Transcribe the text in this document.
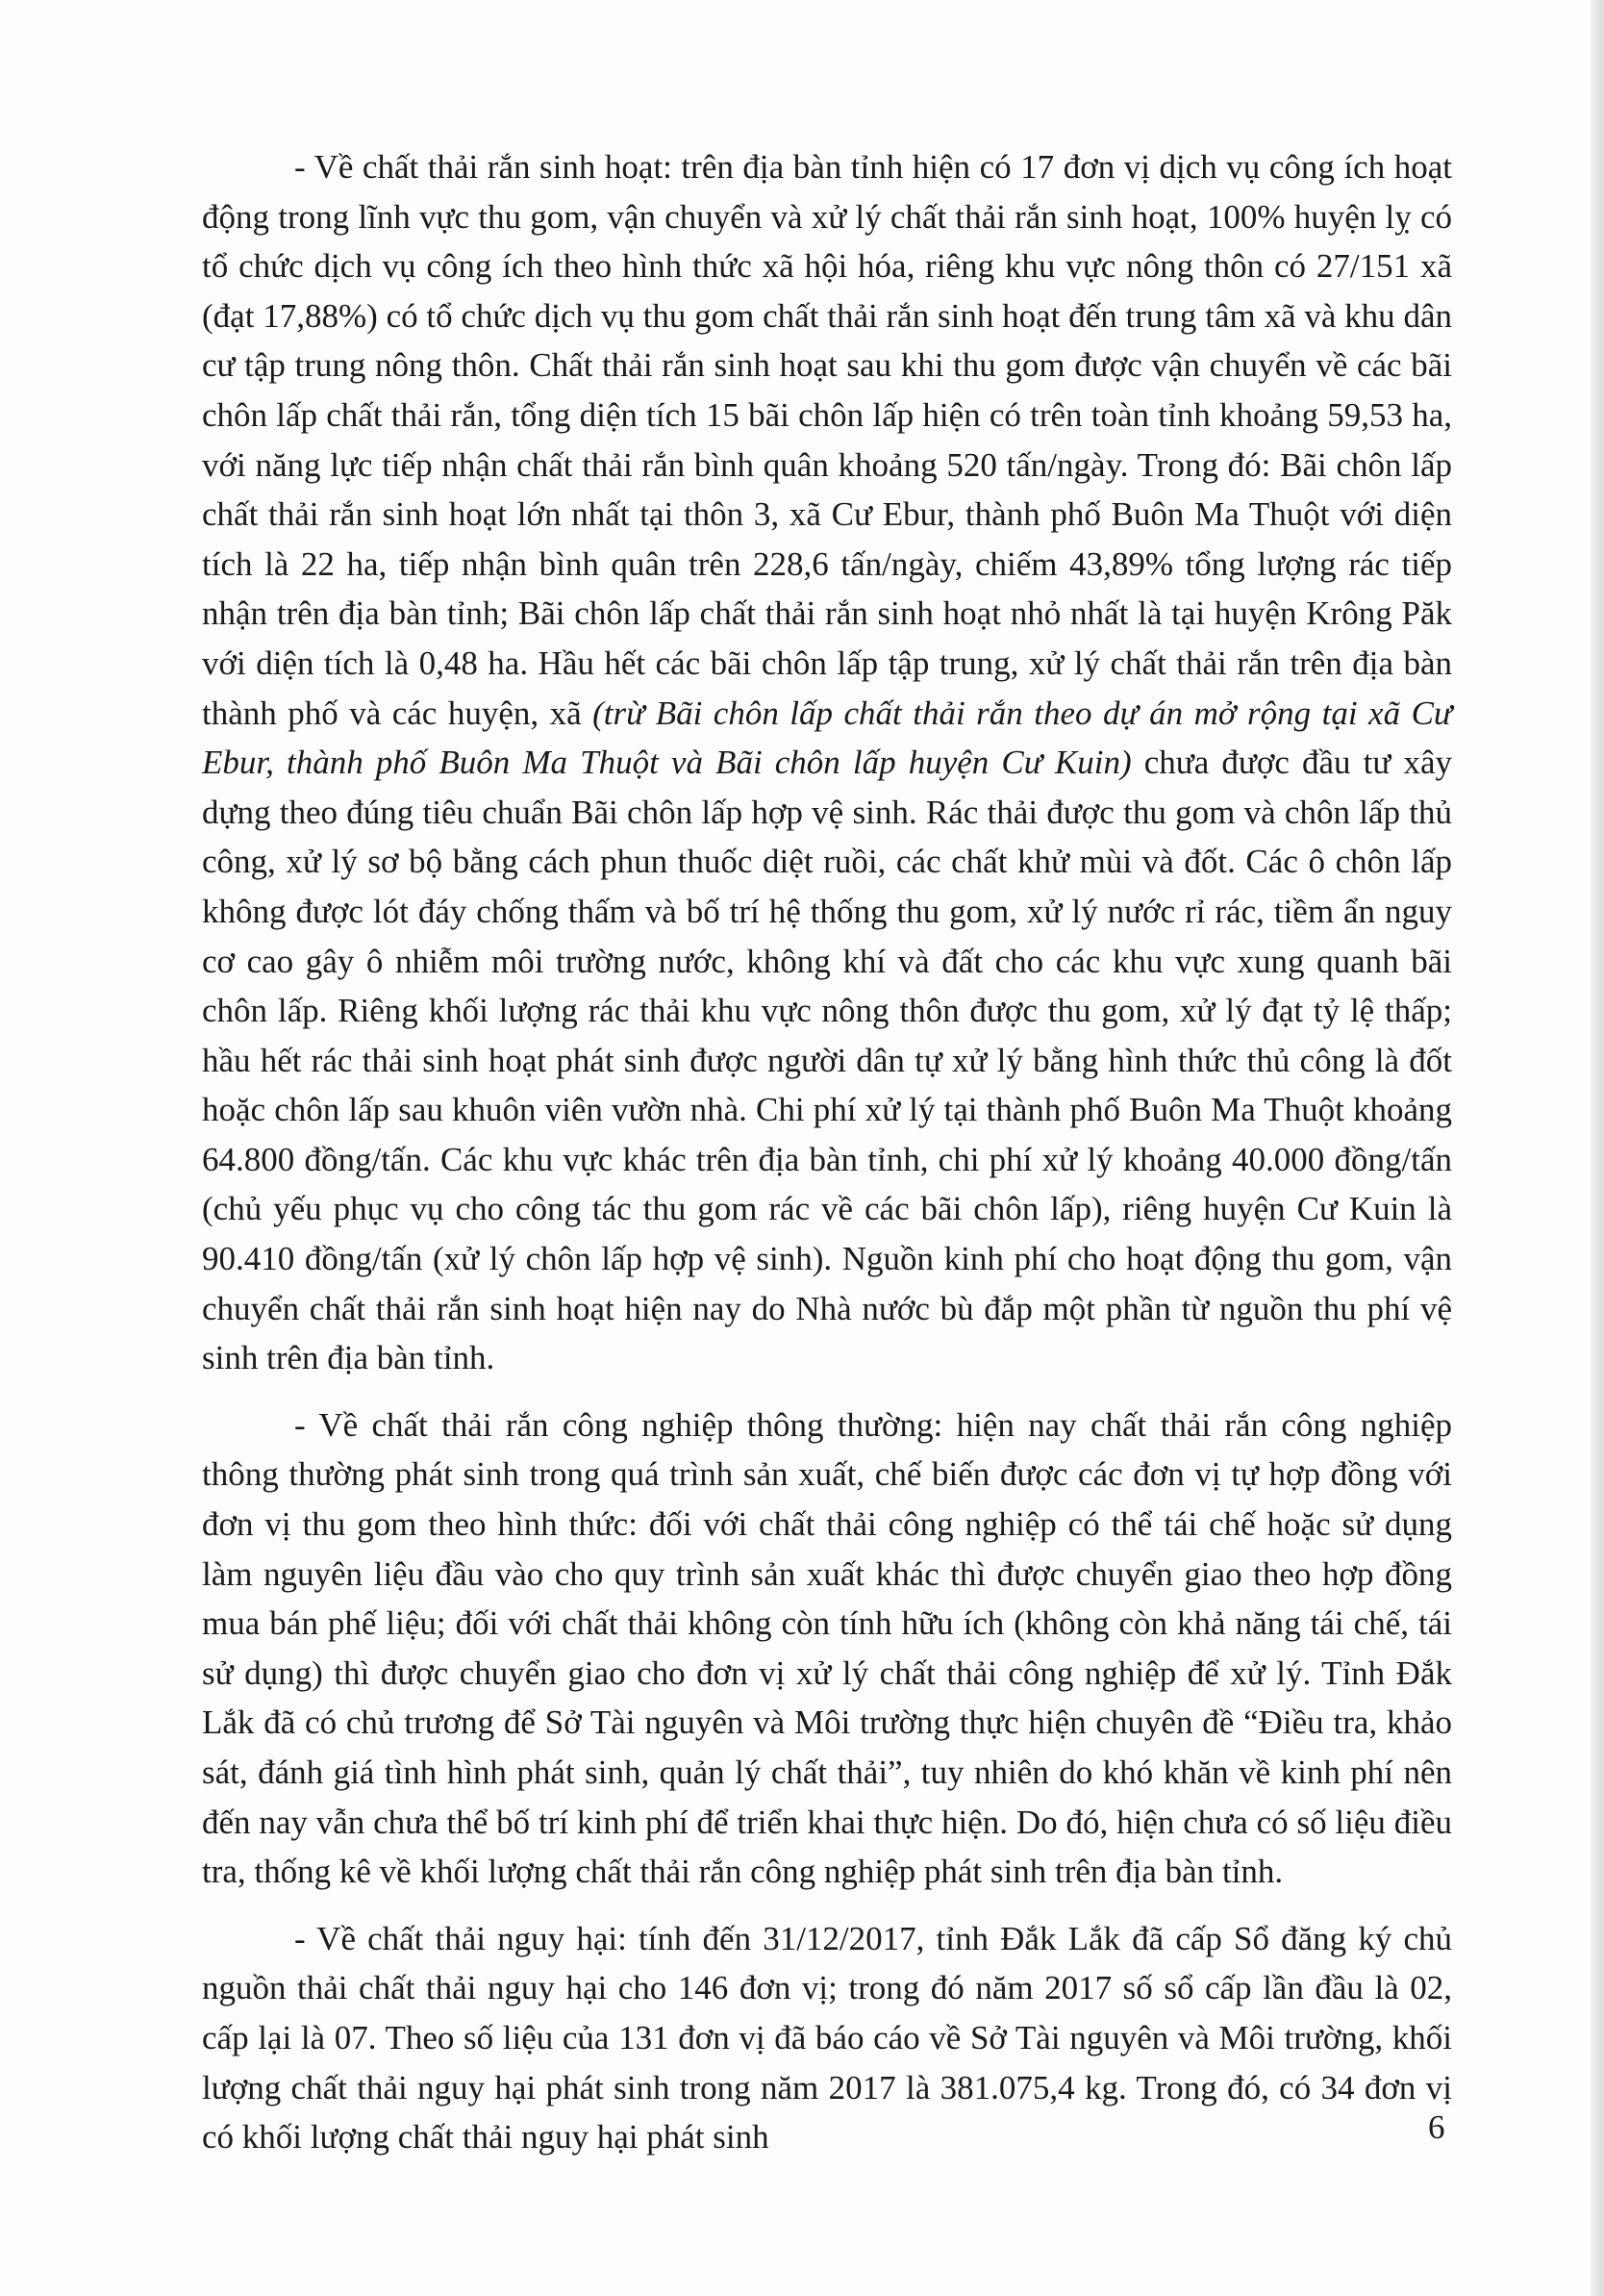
- Về chất thải rắn sinh hoạt: trên địa bàn tỉnh hiện có 17 đơn vị dịch vụ công ích hoạt động trong lĩnh vực thu gom, vận chuyển và xử lý chất thải rắn sinh hoạt, 100% huyện lỵ có tổ chức dịch vụ công ích theo hình thức xã hội hóa, riêng khu vực nông thôn có 27/151 xã (đạt 17,88%) có tổ chức dịch vụ thu gom chất thải rắn sinh hoạt đến trung tâm xã và khu dân cư tập trung nông thôn. Chất thải rắn sinh hoạt sau khi thu gom được vận chuyển về các bãi chôn lấp chất thải rắn, tổng diện tích 15 bãi chôn lấp hiện có trên toàn tỉnh khoảng 59,53 ha, với năng lực tiếp nhận chất thải rắn bình quân khoảng 520 tấn/ngày. Trong đó: Bãi chôn lấp chất thải rắn sinh hoạt lớn nhất tại thôn 3, xã Cư Ebur, thành phố Buôn Ma Thuột với diện tích là 22 ha, tiếp nhận bình quân trên 228,6 tấn/ngày, chiếm 43,89% tổng lượng rác tiếp nhận trên địa bàn tỉnh; Bãi chôn lấp chất thải rắn sinh hoạt nhỏ nhất là tại huyện Krông Păk với diện tích là 0,48 ha. Hầu hết các bãi chôn lấp tập trung, xử lý chất thải rắn trên địa bàn thành phố và các huyện, xã (trừ Bãi chôn lấp chất thải rắn theo dự án mở rộng tại xã Cư Ebur, thành phố Buôn Ma Thuột và Bãi chôn lấp huyện Cư Kuin) chưa được đầu tư xây dựng theo đúng tiêu chuẩn Bãi chôn lấp hợp vệ sinh. Rác thải được thu gom và chôn lấp thủ công, xử lý sơ bộ bằng cách phun thuốc diệt ruồi, các chất khử mùi và đốt. Các ô chôn lấp không được lót đáy chống thấm và bố trí hệ thống thu gom, xử lý nước rỉ rác, tiềm ẩn nguy cơ cao gây ô nhiễm môi trường nước, không khí và đất cho các khu vực xung quanh bãi chôn lấp. Riêng khối lượng rác thải khu vực nông thôn được thu gom, xử lý đạt tỷ lệ thấp; hầu hết rác thải sinh hoạt phát sinh được người dân tự xử lý bằng hình thức thủ công là đốt hoặc chôn lấp sau khuôn viên vườn nhà. Chi phí xử lý tại thành phố Buôn Ma Thuột khoảng 64.800 đồng/tấn. Các khu vực khác trên địa bàn tỉnh, chi phí xử lý khoảng 40.000 đồng/tấn (chủ yếu phục vụ cho công tác thu gom rác về các bãi chôn lấp), riêng huyện Cư Kuin là 90.410 đồng/tấn (xử lý chôn lấp hợp vệ sinh). Nguồn kinh phí cho hoạt động thu gom, vận chuyển chất thải rắn sinh hoạt hiện nay do Nhà nước bù đắp một phần từ nguồn thu phí vệ sinh trên địa bàn tỉnh.

- Về chất thải rắn công nghiệp thông thường: hiện nay chất thải rắn công nghiệp thông thường phát sinh trong quá trình sản xuất, chế biến được các đơn vị tự hợp đồng với đơn vị thu gom theo hình thức: đối với chất thải công nghiệp có thể tái chế hoặc sử dụng làm nguyên liệu đầu vào cho quy trình sản xuất khác thì được chuyển giao theo hợp đồng mua bán phế liệu; đối với chất thải không còn tính hữu ích (không còn khả năng tái chế, tái sử dụng) thì được chuyển giao cho đơn vị xử lý chất thải công nghiệp để xử lý. Tỉnh Đắk Lắk đã có chủ trương để Sở Tài nguyên và Môi trường thực hiện chuyên đề “Điều tra, khảo sát, đánh giá tình hình phát sinh, quản lý chất thải”, tuy nhiên do khó khăn về kinh phí nên đến nay vẫn chưa thể bố trí kinh phí để triển khai thực hiện. Do đó, hiện chưa có số liệu điều tra, thống kê về khối lượng chất thải rắn công nghiệp phát sinh trên địa bàn tỉnh.

- Về chất thải nguy hại: tính đến 31/12/2017, tỉnh Đắk Lắk đã cấp Sổ đăng ký chủ nguồn thải chất thải nguy hại cho 146 đơn vị; trong đó năm 2017 số sổ cấp lần đầu là 02, cấp lại là 07. Theo số liệu của 131 đơn vị đã báo cáo về Sở Tài nguyên và Môi trường, khối lượng chất thải nguy hại phát sinh trong năm 2017 là 381.075,4 kg. Trong đó, có 34 đơn vị có khối lượng chất thải nguy hại phát sinh	6
